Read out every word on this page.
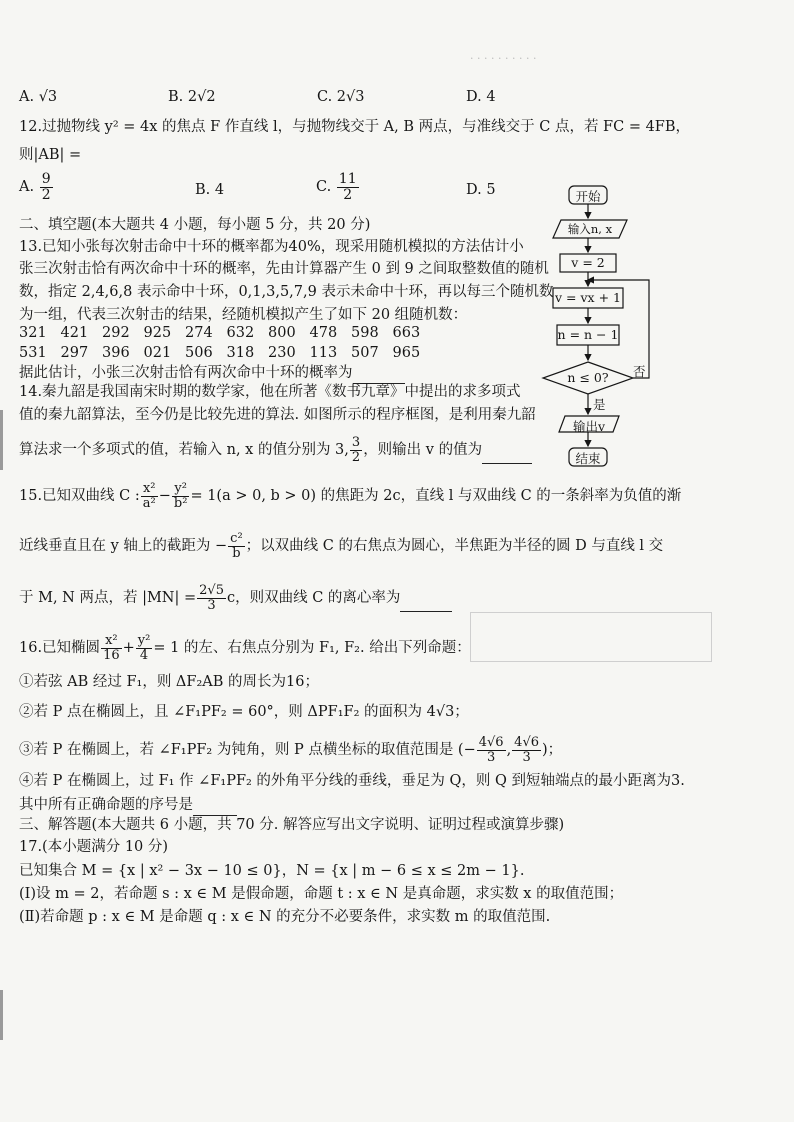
· · · · · · · · · ·
A. √3	B. 2√2	C. 2√3	D. 4
12.过抛物线 y² = 4x 的焦点 F 作直线 l，与抛物线交于 A, B 两点，与准线交于 C 点，若 FC = 4FB，
则|AB| =
A. $\frac{9}{2}$	B. 4	C. $\frac{11}{2}$	D. 5
二、填空题(本大题共 4 小题，每小题 5 分，共 20 分)
13.已知小张每次射击命中十环的概率都为40%，现采用随机模拟的方法估计小
张三次射击恰有两次命中十环的概率，先由计算器产生 0 到 9 之间取整数值的随机
数，指定 2,4,6,8 表示命中十环，0,1,3,5,7,9 表示未命中十环，再以每三个随机数
为一组，代表三次射击的结果，经随机模拟产生了如下 20 组随机数：
321   421   292   925   274   632   800   478   598   663
531   297   396   021   506   318   230   113   507   965
据此估计，小张三次射击恰有两次命中十环的概率为
14.秦九韶是我国南宋时期的数学家，他在所著《数书九章》中提出的求多项式
值的秦九韶算法，至今仍是比较先进的算法. 如图所示的程序框图，是利用秦九韶
算法求一个多项式的值，若输入 n, x 的值分别为 3, $\frac{3}{2}$ ，则输出 v 的值为
开始
输入n, x
v = 2
v = vx + 1
n = n − 1
n ≤ 0?	否
是
输出v
结束
15.已知双曲线 C : $\frac{\text{x²}}{\text{a²}} - \frac{\text{y²}}{\text{b²}} = 1(a > 0$, b > 0) 的焦距为 2c，直线 l 与双曲线 C 的一条斜率为负值的渐
近线垂直且在 y 轴上的截距为 − $\frac{\text{c²}}{b}$ ；以双曲线 C 的右焦点为圆心，半焦距为半径的圆 D 与直线 l 交
于 M, N 两点，若 $|MN| = \frac{2√5}{3}$ c，则双曲线 C 的离心率为
16.已知椭圆 $\frac{\text{x²}}{16} + \frac{\text{y²}}{4} = 1$ 的左、右焦点分别为 F₁, F₂. 给出下列命题：
①若弦 AB 经过 F₁，则 ΔF₂AB 的周长为16；
②若 P 点在椭圆上，且 ∠F₁PF₂ = 60°，则 ΔPF₁F₂ 的面积为 4√3；
③若 P 在椭圆上，若 ∠F₁PF₂ 为钝角，则 P 点横坐标的取值范围是 (− $\frac{4√6}{3}$ , $\frac{4√6}{3}$ )；
④若 P 在椭圆上，过 F₁ 作 ∠F₁PF₂ 的外角平分线的垂线，垂足为 Q，则 Q 到短轴端点的最小距离为3.
其中所有正确命题的序号是
三、解答题(本大题共 6 小题，共 70 分. 解答应写出文字说明、证明过程或演算步骤)
17.(本小题满分 10 分)
已知集合 M = {x | x² − 3x − 10 ≤ 0}，N = {x | m − 6 ≤ x ≤ 2m − 1}.
(Ⅰ)设 m = 2，若命题 s : x ∈ M 是假命题，命题 t : x ∈ N 是真命题，求实数 x 的取值范围；
(Ⅱ)若命题 p : x ∈ M 是命题 q : x ∈ N 的充分不必要条件，求实数 m 的取值范围.
